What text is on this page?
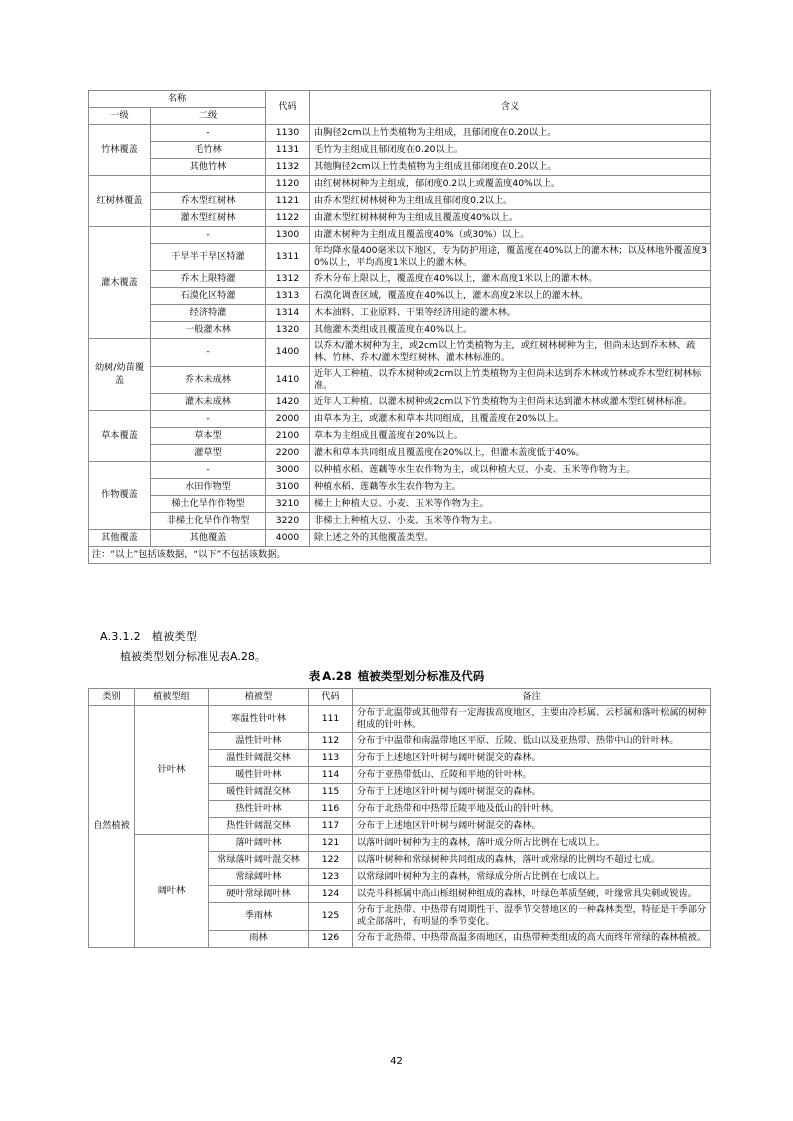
名称		代码	含义
一级	二级		
竹林覆盖	-	1130	由胸径2cm以上竹类植物为主组成，且郁闭度在0.20以上。
	毛竹林	1131	毛竹为主组成且郁闭度在0.20以上。
	其他竹林	1132	其他胸径2cm以上竹类植物为主组成且郁闭度在0.20以上。
红树林覆盖		1120	由红树林树种为主组成，郁闭度0.2以上或覆盖度40%以上。
	乔木型红树林	1121	由乔木型红树林树种为主组成且郁闭度0.2以上。
	灌木型红树林	1122	由灌木型红树林树种为主组成且覆盖度40%以上。
灌木覆盖	-	1300	由灌木树种为主组成且覆盖度40%（或30%）以上。
	干旱半干旱区特灌	1311	年均降水量400毫米以下地区，专为防护用途，覆盖度在40%以上的灌木林；以及林地外覆盖度30%以上，平均高度1米以上的灌木林。
	乔木上限特灌	1312	乔木分布上限以上，覆盖度在40%以上，灌木高度1米以上的灌木林。
	石漠化区特灌	1313	石漠化调查区域，覆盖度在40%以上，灌木高度2米以上的灌木林。
	经济特灌	1314	木本油料、工业原料、干果等经济用途的灌木林。
	一般灌木林	1320	其他灌木类组成且覆盖度在40%以上。
幼树/幼苗覆盖	-	1400	以乔木/灌木树种为主，或2cm以上竹类植物为主，或红树林树种为主，但尚未达到乔木林、疏林、竹林、乔木/灌木型红树林、灌木林标准的。
	乔木未成林	1410	近年人工种植、以乔木树种或2cm以上竹类植物为主但尚未达到乔木林或竹林或乔木型红树林标准。
	灌木未成林	1420	近年人工种植、以灌木树种或2cm以下竹类植物为主但尚未达到灌木林或灌木型红树林标准。
草本覆盖	-	2000	由草本为主，或灌木和草本共同组成，且覆盖度在20%以上。
	草本型	2100	草本为主组成且覆盖度在20%以上。
	灌草型	2200	灌木和草本共同组成且覆盖度在20%以上，但灌木盖度低于40%。
作物覆盖	-	3000	以种植水稻、莲藕等水生农作物为主，或以种植大豆、小麦、玉米等作物为主。
	水田作物型	3100	种植水稻、莲藕等水生农作物为主。
	梯土化旱作作物型	3210	梯土上种植大豆、小麦、玉米等作物为主。
	非梯土化旱作作物型	3220	非梯土上种植大豆、小麦、玉米等作物为主。
其他覆盖	其他覆盖	4000	除上述之外的其他覆盖类型。
注：“以上”包括该数据，“以下”不包括该数据。			
A.3.1.2 植被类型
植被类型划分标准见表A.28。
表 A.28 植被类型划分标准及代码
类别	植被型组	植被型	代码	备注
自然植被	针叶林	寒温性针叶林	111	分布于北温带或其他带有一定海拔高度地区，主要由冷杉属、云杉属和落叶松属的树种组成的针叶林。
		温性针叶林	112	分布于中温带和南温带地区平原、丘陵、低山以及亚热带、热带中山的针叶林。
		温性针阔混交林	113	分布于上述地区针叶树与阔叶树混交的森林。
		暖性针叶林	114	分布于亚热带低山、丘陵和平地的针叶林。
		暖性针阔混交林	115	分布于上述地区针叶树与阔叶树混交的森林。
		热性针叶林	116	分布于北热带和中热带丘陵平地及低山的针叶林。
		热性针阔混交林	117	分布于上述地区针叶树与阔叶树混交的森林。
	阔叶林	落叶阔叶林	121	以落叶阔叶树种为主的森林，落叶成分所占比例在七成以上。
		常绿落叶阔叶混交林	122	以落叶树种和常绿树种共同组成的森林，落叶或常绿的比例均不超过七成。
		常绿阔叶林	123	以常绿阔叶树种为主的森林，常绿成分所占比例在七成以上。
		硬叶常绿阔叶林	124	以壳斗科栎属中高山栎组树种组成的森林，叶绿色革质坚硬，叶缘常具尖刺或锐齿。
		季雨林	125	分布于北热带、中热带有周期性干、湿季节交替地区的一种森林类型，特征是干季部分或全部落叶，有明显的季节变化。
		雨林	126	分布于北热带、中热带高温多雨地区，由热带种类组成的高大而终年常绿的森林植被。
42
